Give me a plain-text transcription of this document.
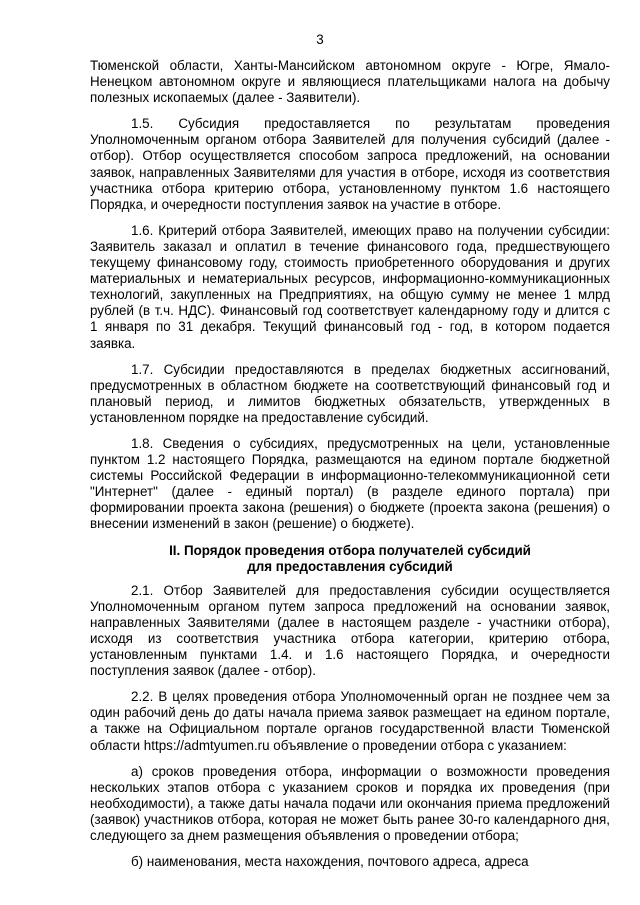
3

Тюменской области, Ханты-Мансийском автономном округе - Югре, Ямало-Ненецком автономном округе и являющиеся плательщиками налога на добычу полезных ископаемых (далее - Заявители).

1.5. Субсидия предоставляется по результатам проведения Уполномоченным органом отбора Заявителей для получения субсидий (далее - отбор). Отбор осуществляется способом запроса предложений, на основании заявок, направленных Заявителями для участия в отборе, исходя из соответствия участника отбора критерию отбора, установленному пунктом 1.6 настоящего Порядка, и очередности поступления заявок на участие в отборе.

1.6. Критерий отбора Заявителей, имеющих право на получении субсидии: Заявитель заказал и оплатил в течение финансового года, предшествующего текущему финансовому году, стоимость приобретенного оборудования и других материальных и нематериальных ресурсов, информационно-коммуникационных технологий, закупленных на Предприятиях, на общую сумму не менее 1 млрд рублей (в т.ч. НДС). Финансовый год соответствует календарному году и длится с 1 января по 31 декабря. Текущий финансовый год - год, в котором подается заявка.

1.7. Субсидии предоставляются в пределах бюджетных ассигнований, предусмотренных в областном бюджете на соответствующий финансовый год и плановый период, и лимитов бюджетных обязательств, утвержденных в установленном порядке на предоставление субсидий.

1.8. Сведения о субсидиях, предусмотренных на цели, установленные пунктом 1.2 настоящего Порядка, размещаются на едином портале бюджетной системы Российской Федерации в информационно-телекоммуникационной сети "Интернет" (далее - единый портал) (в разделе единого портала) при формировании проекта закона (решения) о бюджете (проекта закона (решения) о внесении изменений в закон (решение) о бюджете).

II. Порядок проведения отбора получателей субсидий
для предоставления субсидий

2.1. Отбор Заявителей для предоставления субсидии осуществляется Уполномоченным органом путем запроса предложений на основании заявок, направленных Заявителями (далее в настоящем разделе - участники отбора), исходя из соответствия участника отбора категории, критерию отбора, установленным пунктами 1.4. и 1.6 настоящего Порядка, и очередности поступления заявок (далее - отбор).

2.2. В целях проведения отбора Уполномоченный орган не позднее чем за один рабочий день до даты начала приема заявок размещает на едином портале, а также на Официальном портале органов государственной власти Тюменской области https://admtyumen.ru объявление о проведении отбора с указанием:

а) сроков проведения отбора, информации о возможности проведения нескольких этапов отбора с указанием сроков и порядка их проведения (при необходимости), а также даты начала подачи или окончания приема предложений (заявок) участников отбора, которая не может быть ранее 30-го календарного дня, следующего за днем размещения объявления о проведении отбора;

б) наименования, места нахождения, почтового адреса, адреса
